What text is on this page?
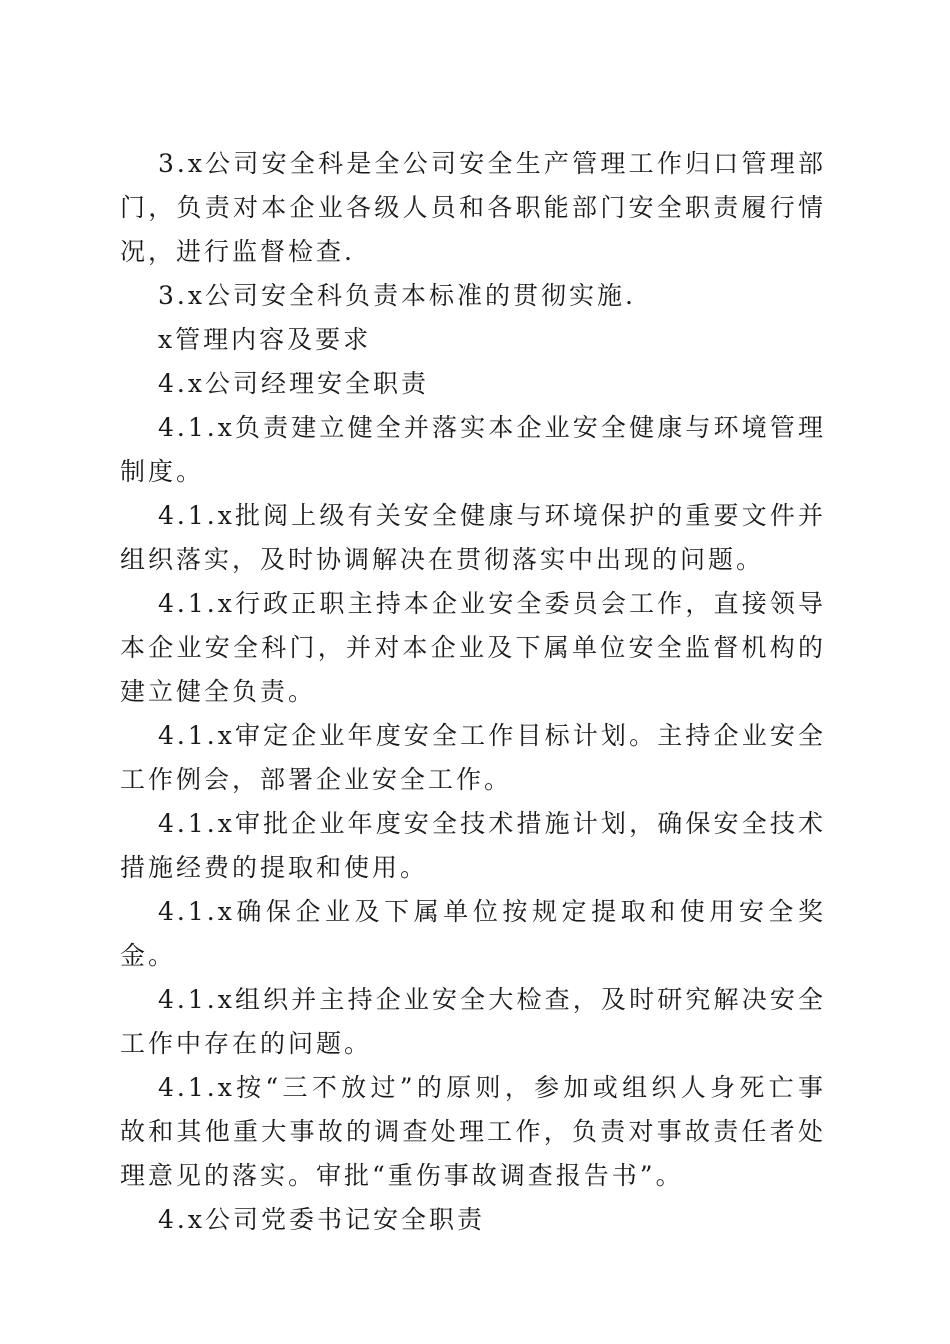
3.x公司安全科是全公司安全生产管理工作归口管理部门，负责对本企业各级人员和各职能部门安全职责履行情况，进行监督检查.

3.x公司安全科负责本标准的贯彻实施.

x管理内容及要求

4.x公司经理安全职责

4.1.x负责建立健全并落实本企业安全健康与环境管理制度。

4.1.x批阅上级有关安全健康与环境保护的重要文件并组织落实，及时协调解决在贯彻落实中出现的问题。

4.1.x行政正职主持本企业安全委员会工作，直接领导本企业安全科门，并对本企业及下属单位安全监督机构的建立健全负责。

4.1.x审定企业年度安全工作目标计划。主持企业安全工作例会，部署企业安全工作。

4.1.x审批企业年度安全技术措施计划，确保安全技术措施经费的提取和使用。

4.1.x确保企业及下属单位按规定提取和使用安全奖金。

4.1.x组织并主持企业安全大检查，及时研究解决安全工作中存在的问题。

4.1.x按“三不放过”的原则，参加或组织人身死亡事故和其他重大事故的调查处理工作，负责对事故责任者处理意见的落实。审批“重伤事故调查报告书”。

4.x公司党委书记安全职责
